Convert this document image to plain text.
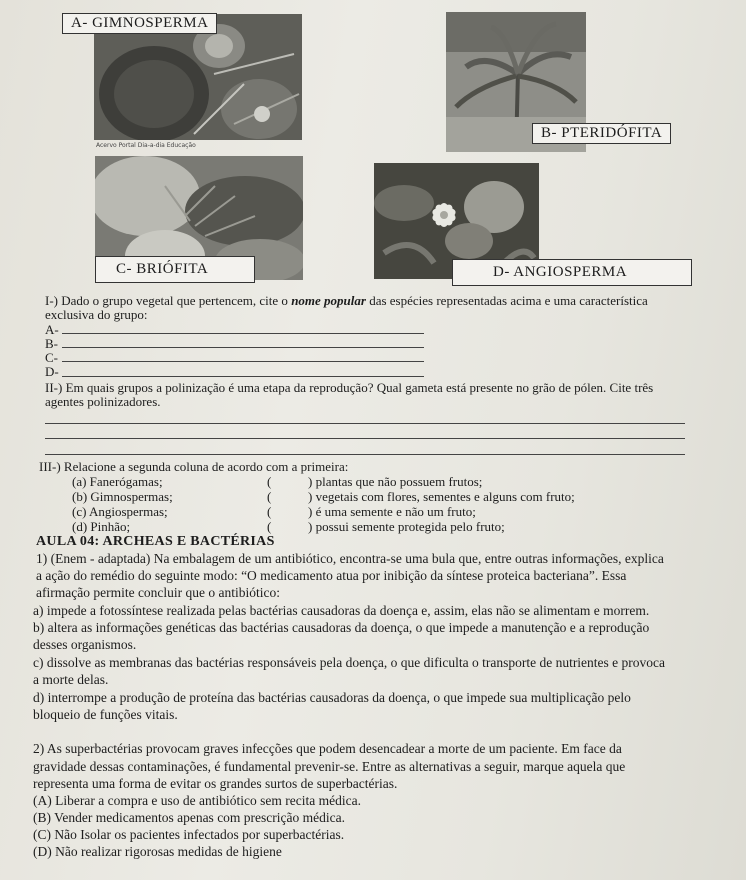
A- GIMNOSPERMA
Acervo Portal Dia-a-dia Educação
B- PTERIDÓFITA
C- BRIÓFITA	D- ANGIOSPERMA
I-) Dado o grupo vegetal que pertencem, cite o nome popular das espécies representadas acima e uma característica
exclusiva do grupo:
A-
B-
C-
D-
II-) Em quais grupos a polinização é uma etapa da reprodução? Qual gameta está presente no grão de pólen. Cite três
agentes polinizadores.
III-) Relacione a segunda coluna de acordo com a primeira:
(a) Fanerógamas;	(	) plantas que não possuem frutos;
(b) Gimnospermas;	(	) vegetais com flores, sementes e alguns com fruto;
(c) Angiospermas;	(	) é uma semente e não um fruto;
(d) Pinhão;	(	) possui semente protegida pelo fruto;
AULA 04: ARCHEAS E BACTÉRIAS
1) (Enem - adaptada) Na embalagem de um antibiótico, encontra-se uma bula que, entre outras informações, explica
a ação do remédio do seguinte modo: “O medicamento atua por inibição da síntese proteica bacteriana”. Essa
afirmação permite concluir que o antibiótico:
a) impede a fotossíntese realizada pelas bactérias causadoras da doença e, assim, elas não se alimentam e morrem.
b) altera as informações genéticas das bactérias causadoras da doença, o que impede a manutenção e a reprodução
desses organismos.
c) dissolve as membranas das bactérias responsáveis pela doença, o que dificulta o transporte de nutrientes e provoca
a morte delas.
d) interrompe a produção de proteína das bactérias causadoras da doença, o que impede sua multiplicação pelo
bloqueio de funções vitais.
2) As superbactérias provocam graves infecções que podem desencadear a morte de um paciente. Em face da
gravidade dessas contaminações, é fundamental prevenir-se. Entre as alternativas a seguir, marque aquela que
representa uma forma de evitar os grandes surtos de superbactérias.
(A) Liberar a compra e uso de antibiótico sem recita médica.
(B) Vender medicamentos apenas com prescrição médica.
(C) Não Isolar os pacientes infectados por superbactérias.
(D) Não realizar rigorosas medidas de higiene
